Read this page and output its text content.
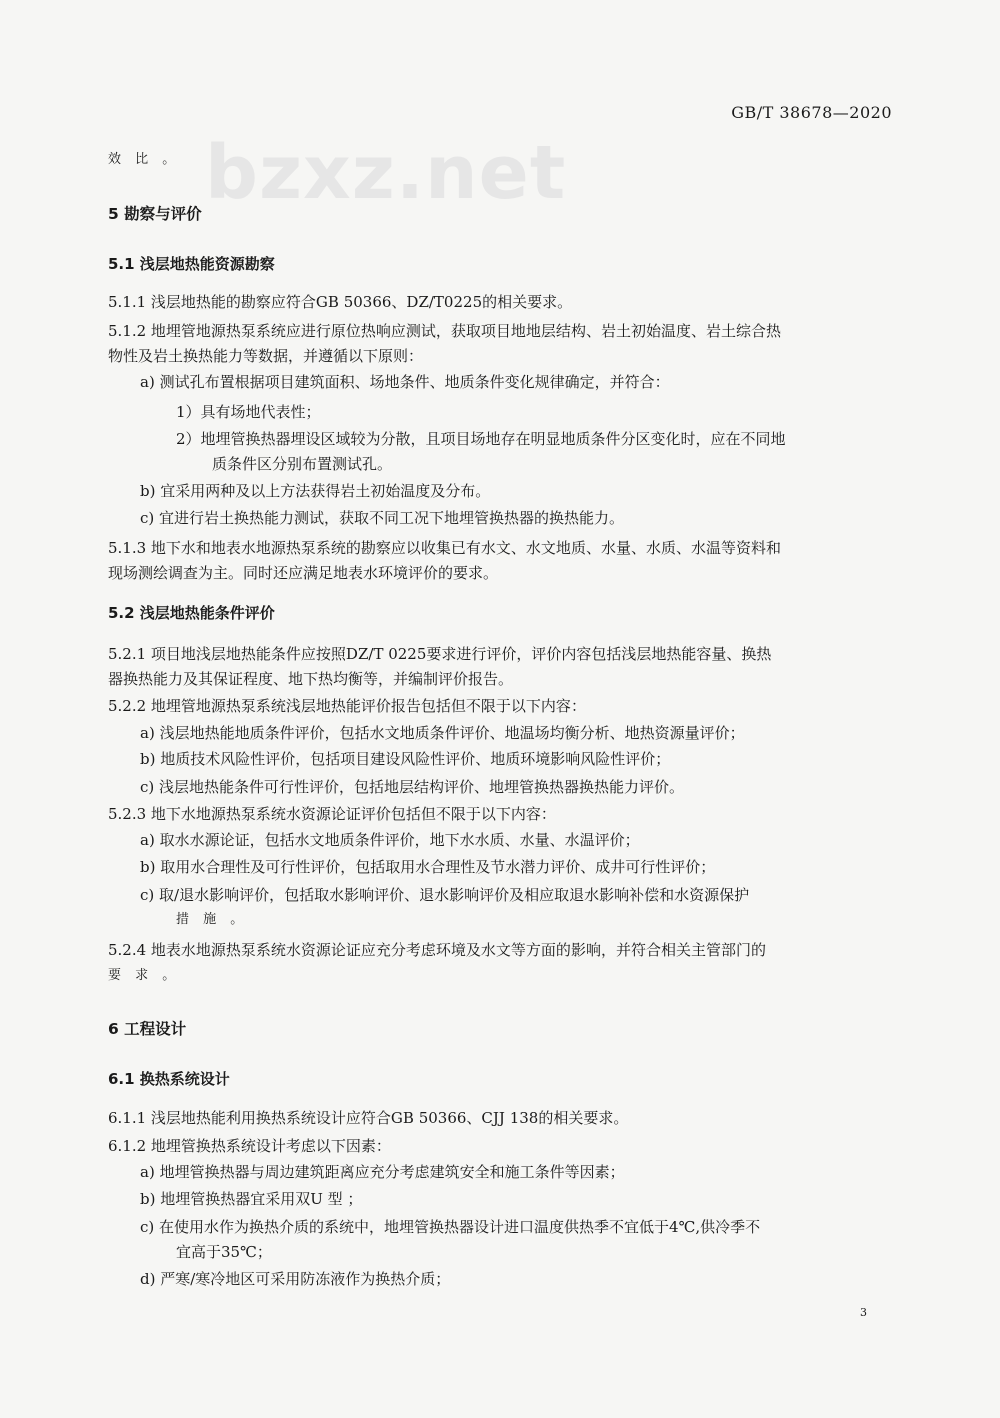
bzxz.net
GB/T 38678—2020
效 比 。
5 勘察与评价
5.1 浅层地热能资源勘察
5.1.1 浅层地热能的勘察应符合GB 50366、DZ/T0225的相关要求。
5.1.2 地埋管地源热泵系统应进行原位热响应测试，获取项目地地层结构、岩土初始温度、岩土综合热
物性及岩土换热能力等数据，并遵循以下原则：
a) 测试孔布置根据项目建筑面积、场地条件、地质条件变化规律确定，并符合：
1）具有场地代表性；
2）地埋管换热器埋设区域较为分散，且项目场地存在明显地质条件分区变化时，应在不同地
质条件区分别布置测试孔。
b) 宜采用两种及以上方法获得岩土初始温度及分布。
c) 宜进行岩土换热能力测试，获取不同工况下地埋管换热器的换热能力。
5.1.3 地下水和地表水地源热泵系统的勘察应以收集已有水文、水文地质、水量、水质、水温等资料和
现场测绘调查为主。同时还应满足地表水环境评价的要求。
5.2 浅层地热能条件评价
5.2.1 项目地浅层地热能条件应按照DZ/T 0225要求进行评价，评价内容包括浅层地热能容量、换热
器换热能力及其保证程度、地下热均衡等，并编制评价报告。
5.2.2 地埋管地源热泵系统浅层地热能评价报告包括但不限于以下内容：
a) 浅层地热能地质条件评价，包括水文地质条件评价、地温场均衡分析、地热资源量评价；
b) 地质技术风险性评价，包括项目建设风险性评价、地质环境影响风险性评价；
c) 浅层地热能条件可行性评价，包括地层结构评价、地埋管换热器换热能力评价。
5.2.3 地下水地源热泵系统水资源论证评价包括但不限于以下内容：
a) 取水水源论证，包括水文地质条件评价，地下水水质、水量、水温评价；
b) 取用水合理性及可行性评价，包括取用水合理性及节水潜力评价、成井可行性评价；
c) 取/退水影响评价，包括取水影响评价、退水影响评价及相应取退水影响补偿和水资源保护
措 施 。
5.2.4 地表水地源热泵系统水资源论证应充分考虑环境及水文等方面的影响，并符合相关主管部门的
要 求 。
6 工程设计
6.1 换热系统设计
6.1.1 浅层地热能利用换热系统设计应符合GB 50366、CJJ 138的相关要求。
6.1.2 地埋管换热系统设计考虑以下因素：
a) 地埋管换热器与周边建筑距离应充分考虑建筑安全和施工条件等因素；
b) 地埋管换热器宜采用双U 型 ；
c) 在使用水作为换热介质的系统中，地埋管换热器设计进口温度供热季不宜低于4℃,供冷季不
宜高于35℃；
d) 严寒/寒冷地区可采用防冻液作为换热介质；
3
